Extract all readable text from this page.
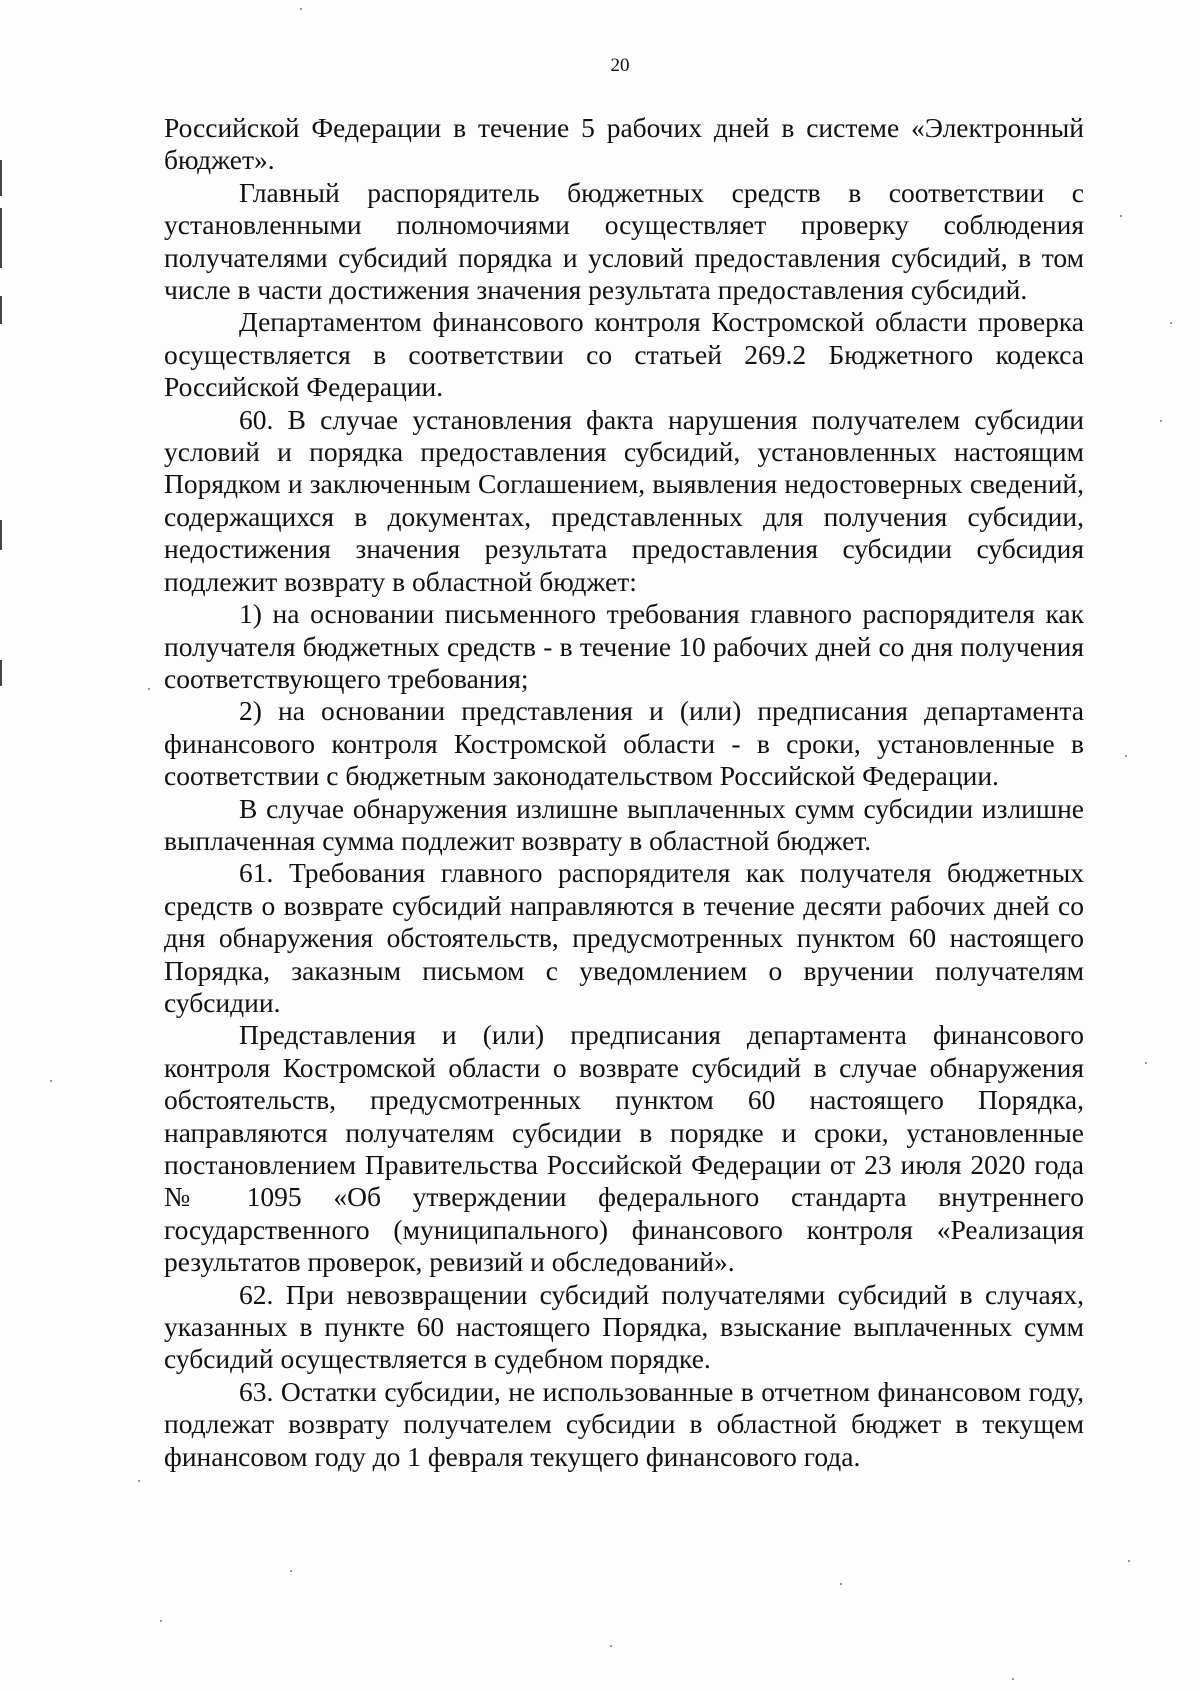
20

Российской Федерации в течение 5 рабочих дней в системе «Электронный бюджет».

Главный распорядитель бюджетных средств в соответствии с установленными полномочиями осуществляет проверку соблюдения получателями субсидий порядка и условий предоставления субсидий, в том числе в части достижения значения результата предоставления субсидий.

Департаментом финансового контроля Костромской области проверка осуществляется в соответствии со статьей 269.2 Бюджетного кодекса Российской Федерации.

60. В случае установления факта нарушения получателем субсидии условий и порядка предоставления субсидий, установленных настоящим Порядком и заключенным Соглашением, выявления недостоверных сведений, содержащихся в документах, представленных для получения субсидии, недостижения значения результата предоставления субсидии субсидия подлежит возврату в областной бюджет:

1) на основании письменного требования главного распорядителя как получателя бюджетных средств - в течение 10 рабочих дней со дня получения соответствующего требования;

2) на основании представления и (или) предписания департамента финансового контроля Костромской области - в сроки, установленные в соответствии с бюджетным законодательством Российской Федерации.

В случае обнаружения излишне выплаченных сумм субсидии излишне выплаченная сумма подлежит возврату в областной бюджет.

61. Требования главного распорядителя как получателя бюджетных средств о возврате субсидий направляются в течение десяти рабочих дней со дня обнаружения обстоятельств, предусмотренных пунктом 60 настоящего Порядка, заказным письмом с уведомлением о вручении получателям субсидии.

Представления и (или) предписания департамента финансового контроля Костромской области о возврате субсидий в случае обнаружения обстоятельств, предусмотренных пунктом 60 настоящего Порядка, направляются получателям субсидии в порядке и сроки, установленные постановлением Правительства Российской Федерации от 23 июля 2020 года № 1095 «Об утверждении федерального стандарта внутреннего государственного (муниципального) финансового контроля «Реализация результатов проверок, ревизий и обследований».

62. При невозвращении субсидий получателями субсидий в случаях, указанных в пункте 60 настоящего Порядка, взыскание выплаченных сумм субсидий осуществляется в судебном порядке.

63. Остатки субсидии, не использованные в отчетном финансовом году, подлежат возврату получателем субсидии в областной бюджет в текущем финансовом году до 1 февраля текущего финансового года.
